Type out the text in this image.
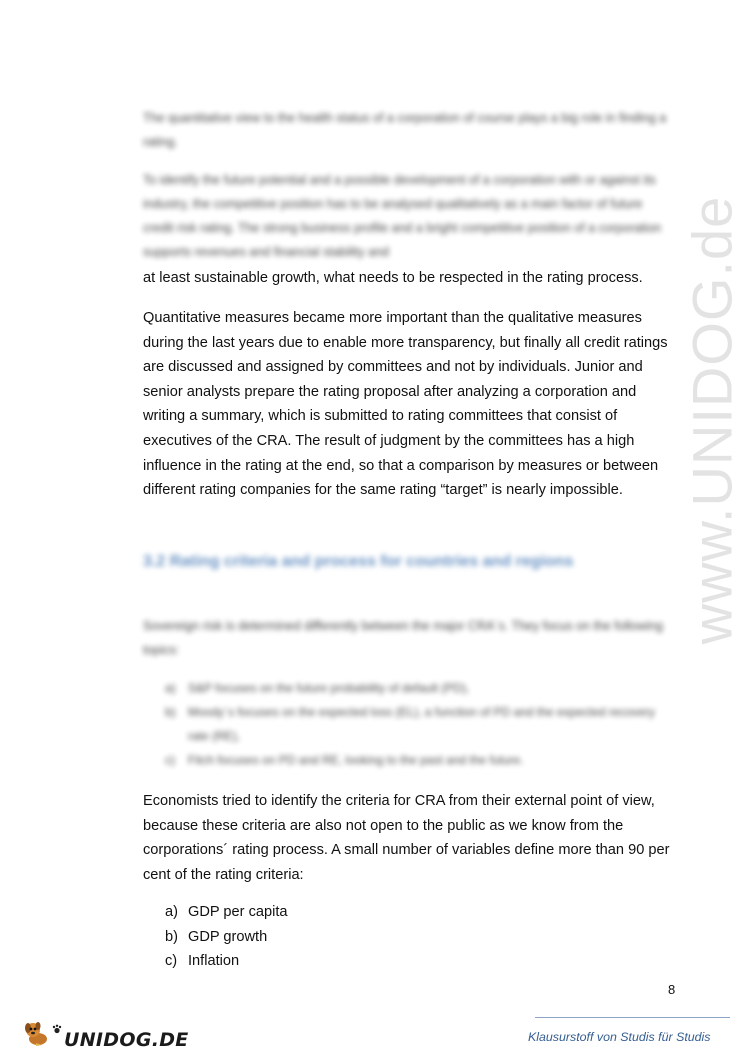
www.UNIDOG.de

The quantitative view to the health status of a corporation of course plays a big role in finding a rating.

To identify the future potential and a possible development of a corporation with or against its industry, the competitive position has to be analysed qualitatively as a main factor of future credit risk rating. The strong business profile and a bright competitive position of a corporation supports revenues and financial stability and

at least sustainable growth, what needs to be respected in the rating process.

Quantitative measures became more important than the qualitative measures during the last years due to enable more transparency, but finally all credit ratings are discussed and assigned by committees and not by individuals. Junior and senior analysts prepare the rating proposal after analyzing a corporation and writing a summary, which is submitted to rating committees that consist of executives of the CRA. The result of judgment by the committees has a high influence in the rating at the end, so that a comparison by measures or between different rating companies for the same rating “target” is nearly impossible.

3.2 Rating criteria and process for countries and regions

Sovereign risk is determined differently between the major CRA´s. They focus on the following topics:

a)	S&P focuses on the future probability of default (PD),
b)	Moody´s focuses on the expected loss (EL), a function of PD and the expected recovery rate (RE),
c)	Fitch focuses on PD and RE, looking to the past and the future.

Economists tried to identify the criteria for CRA from their external point of view, because these criteria are also not open to the public as we know from the corporations´ rating process. A small number of variables define more than 90 per cent of the rating criteria:

a) GDP per capita
b) GDP growth
c) Inflation
8
UNIDOG.DE	Klausurstoff von Studis für Studis
